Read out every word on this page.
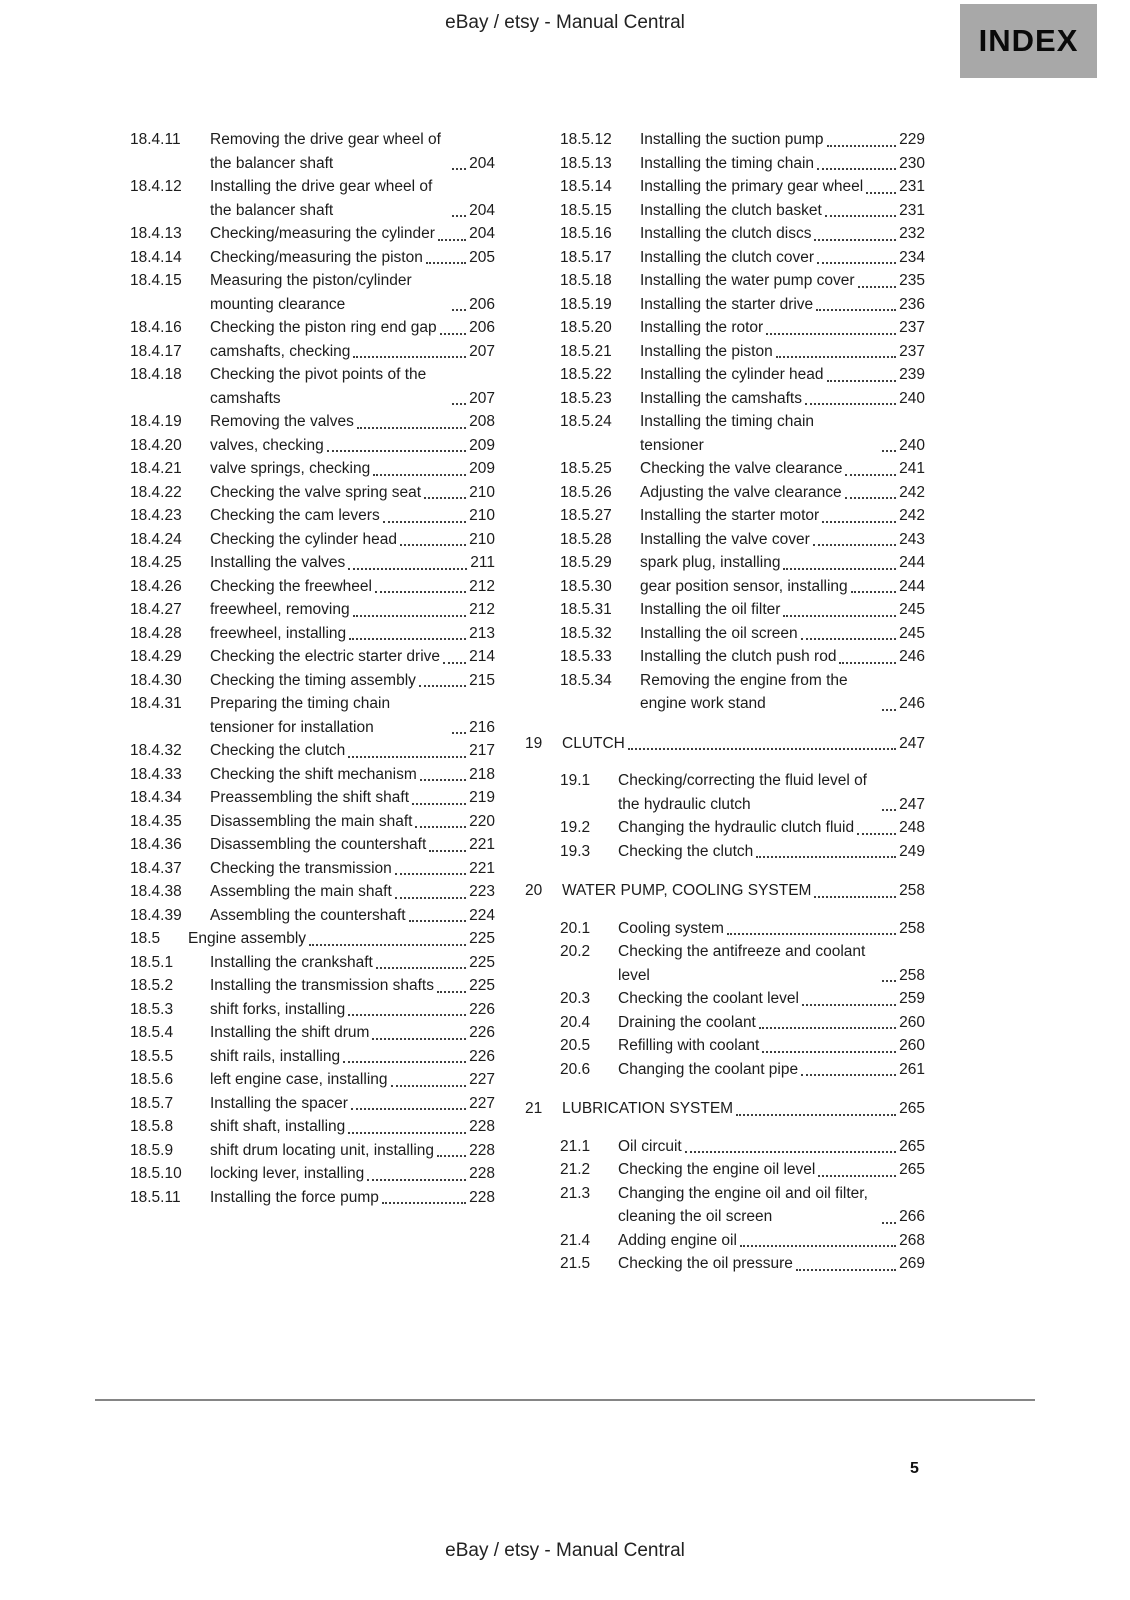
eBay / etsy - Manual Central
INDEX
18.4.11	Removing the drive gear wheel of the balancer shaft	204
18.4.12	Installing the drive gear wheel of the balancer shaft	204
18.4.13	Checking/measuring the cylinder 204
18.4.14	Checking/measuring the piston	205
18.4.15	Measuring the piston/cylinder mounting clearance	206
18.4.16	Checking the piston ring end gap 206
18.4.17	camshafts, checking	207
18.4.18	Checking the pivot points of the camshafts	207
18.4.19	Removing the valves	208
18.4.20	valves, checking	209
18.4.21	valve springs, checking	209
18.4.22	Checking the valve spring seat	210
18.4.23	Checking the cam levers	210
18.4.24	Checking the cylinder head	210
18.4.25	Installing the valves	211
18.4.26	Checking the freewheel	212
18.4.27	freewheel, removing	212
18.4.28	freewheel, installing	213
18.4.29	Checking the electric starter drive 214
18.4.30	Checking the timing assembly	215
18.4.31	Preparing the timing chain tensioner for installation	216
18.4.32	Checking the clutch	217
18.4.33	Checking the shift mechanism	218
18.4.34	Preassembling the shift shaft	219
18.4.35	Disassembling the main shaft	220
18.4.36	Disassembling the countershaft	221
18.4.37	Checking the transmission	221
18.4.38	Assembling the main shaft	223
18.4.39	Assembling the countershaft	224
18.5	Engine assembly	225
18.5.1	Installing the crankshaft	225
18.5.2	Installing the transmission shafts 225
18.5.3	shift forks, installing	226
18.5.4	Installing the shift drum	226
18.5.5	shift rails, installing	226
18.5.6	left engine case, installing	227
18.5.7	Installing the spacer	227
18.5.8	shift shaft, installing	228
18.5.9	shift drum locating unit, installing 228
18.5.10	locking lever, installing	228
18.5.11	Installing the force pump	228
18.5.12	Installing the suction pump	229
18.5.13	Installing the timing chain	230
18.5.14	Installing the primary gear wheel 231
18.5.15	Installing the clutch basket	231
18.5.16	Installing the clutch discs	232
18.5.17	Installing the clutch cover	234
18.5.18	Installing the water pump cover	235
18.5.19	Installing the starter drive	236
18.5.20	Installing the rotor	237
18.5.21	Installing the piston	237
18.5.22	Installing the cylinder head	239
18.5.23	Installing the camshafts	240
18.5.24	Installing the timing chain tensioner	240
18.5.25	Checking the valve clearance	241
18.5.26	Adjusting the valve clearance	242
18.5.27	Installing the starter motor	242
18.5.28	Installing the valve cover	243
18.5.29	spark plug, installing	244
18.5.30	gear position sensor, installing	244
18.5.31	Installing the oil filter	245
18.5.32	Installing the oil screen	245
18.5.33	Installing the clutch push rod	246
18.5.34	Removing the engine from the engine work stand	246
19	CLUTCH	247
19.1	Checking/correcting the fluid level of the hydraulic clutch	247
19.2	Changing the hydraulic clutch fluid	248
19.3	Checking the clutch	249
20	WATER PUMP, COOLING SYSTEM	258
20.1	Cooling system	258
20.2	Checking the antifreeze and coolant level	258
20.3	Checking the coolant level	259
20.4	Draining the coolant	260
20.5	Refilling with coolant	260
20.6	Changing the coolant pipe	261
21	LUBRICATION SYSTEM	265
21.1	Oil circuit	265
21.2	Checking the engine oil level	265
21.3	Changing the engine oil and oil filter, cleaning the oil screen	266
21.4	Adding engine oil	268
21.5	Checking the oil pressure	269
5
eBay / etsy - Manual Central
